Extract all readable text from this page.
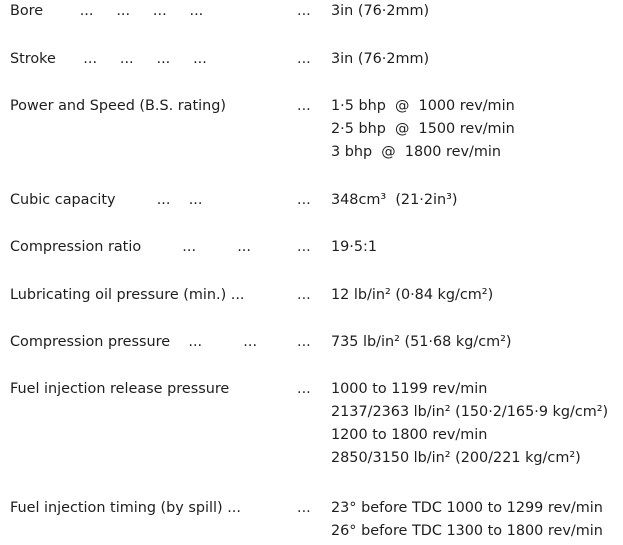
Bore        ...     ...     ...     ...	... 3in (76·2mm)
Stroke      ...     ...     ...     ...	... 3in (76·2mm)
Power and Speed (B.S. rating)	... 1·5 bhp  @  1000 rev/min
2·5 bhp  @  1500 rev/min
3 bhp  @  1800 rev/min
Cubic capacity         ...    ...	... 348cm³  (21·2in³)
Compression ratio         ...         ...	... 19·5:1
Lubricating oil pressure (min.) ...	... 12 lb/in² (0·84 kg/cm²)
Compression pressure    ...         ...	... 735 lb/in² (51·68 kg/cm²)
Fuel injection release pressure	... 1000 to 1199 rev/min
2137/2363 lb/in² (150·2/165·9 kg/cm²)
1200 to 1800 rev/min
2850/3150 lb/in² (200/221 kg/cm²)
Fuel injection timing (by spill) ...	... 23° before TDC 1000 to 1299 rev/min
26° before TDC 1300 to 1800 rev/min
